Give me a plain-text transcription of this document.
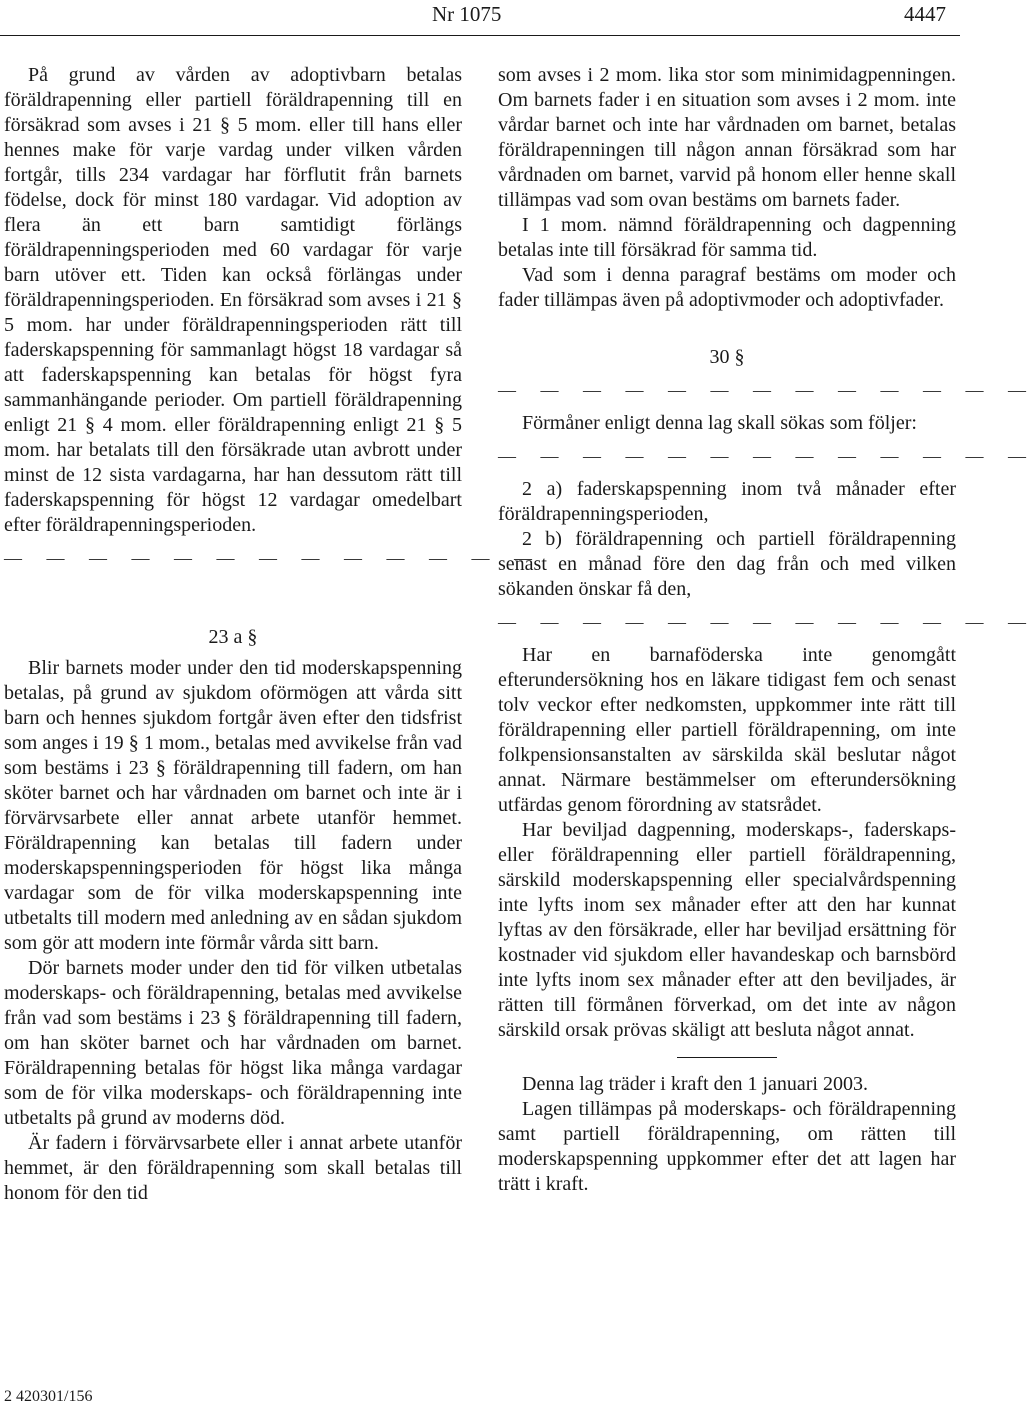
Nr 1075	4447

På grund av vården av adoptivbarn betalas föräldrapenning eller partiell föräldrapenning till en försäkrad som avses i 21 § 5 mom. eller till hans eller hennes make för varje vardag under vilken vården fortgår, tills 234 vardagar har förflutit från barnets födelse, dock för minst 180 vardagar. Vid adoption av flera än ett barn samtidigt förlängs föräldrapenningsperioden med 60 vardagar för varje barn utöver ett. Tiden kan också förlängas under föräldrapenningsperioden. En försäkrad som avses i 21 § 5 mom. har under föräldrapenningsperioden rätt till faderskapspenning för sammanlagt högst 18 vardagar så att faderskapspenning kan betalas för högst fyra sammanhängande perioder. Om partiell föräldrapenning enligt 21 § 4 mom. eller föräldrapenning enligt 21 § 5 mom. har betalats till den försäkrade utan avbrott under minst de 12 sista vardagarna, har han dessutom rätt till faderskapspenning för högst 12 vardagar omedelbart efter föräldrapenningsperioden.

— — — — — — — — — — — — —
23 a §

Blir barnets moder under den tid moderskapspenning betalas, på grund av sjukdom oförmögen att vårda sitt barn och hennes sjukdom fortgår även efter den tidsfrist som anges i 19 § 1 mom., betalas med avvikelse från vad som bestäms i 23 § föräldrapenning till fadern, om han sköter barnet och har vårdnaden om barnet och inte är i förvärvsarbete eller annat arbete utanför hemmet. Föräldrapenning kan betalas till fadern under moderskapspenningsperioden för högst lika många vardagar som de för vilka moderskapspenning inte utbetalts till modern med anledning av en sådan sjukdom som gör att modern inte förmår vårda sitt barn.

Dör barnets moder under den tid för vilken utbetalas moderskaps- och föräldrapenning, betalas med avvikelse från vad som bestäms i 23 § föräldrapenning till fadern, om han sköter barnet och har vårdnaden om barnet. Föräldrapenning betalas för högst lika många vardagar som de för vilka moderskaps- och föräldrapenning inte utbetalts på grund av moderns död.

Är fadern i förvärvsarbete eller i annat arbete utanför hemmet, är den föräldrapenning som skall betalas till honom för den tid

som avses i 2 mom. lika stor som minimidagpenningen. Om barnets fader i en situation som avses i 2 mom. inte vårdar barnet och inte har vårdnaden om barnet, betalas föräldrapenningen till någon annan försäkrad som har vårdnaden om barnet, varvid på honom eller henne skall tillämpas vad som ovan bestäms om barnets fader.

I 1 mom. nämnd föräldrapenning och dagpenning betalas inte till försäkrad för samma tid.

Vad som i denna paragraf bestäms om moder och fader tillämpas även på adoptivmoder och adoptivfader.

30 §
— — — — — — — — — — — — —

Förmåner enligt denna lag skall sökas som följer:

— — — — — — — — — — — — —

2 a) faderskapspenning inom två månader efter föräldrapenningsperioden,

2 b) föräldrapenning och partiell föräldrapenning senast en månad före den dag från och med vilken sökanden önskar få den,

— — — — — — — — — — — — —

Har en barnaföderska inte genomgått efterundersökning hos en läkare tidigast fem och senast tolv veckor efter nedkomsten, uppkommer inte rätt till föräldrapenning eller partiell föräldrapenning, om inte folkpensionsanstalten av särskilda skäl beslutar något annat. Närmare bestämmelser om efterundersökning utfärdas genom förordning av statsrådet.

Har beviljad dagpenning, moderskaps-, faderskaps- eller föräldrapenning eller partiell föräldrapenning, särskild moderskapspenning eller specialvårdspenning inte lyfts inom sex månader efter att den har kunnat lyftas av den försäkrade, eller har beviljad ersättning för kostnader vid sjukdom eller havandeskap och barnsbörd inte lyfts inom sex månader efter att den beviljades, är rätten till förmånen förverkad, om det inte av någon särskild orsak prövas skäligt att besluta något annat.

Denna lag träder i kraft den 1 januari 2003.

Lagen tillämpas på moderskaps- och föräldrapenning samt partiell föräldrapenning, om rätten till moderskapspenning uppkommer efter det att lagen har trätt i kraft.

2 420301/156
